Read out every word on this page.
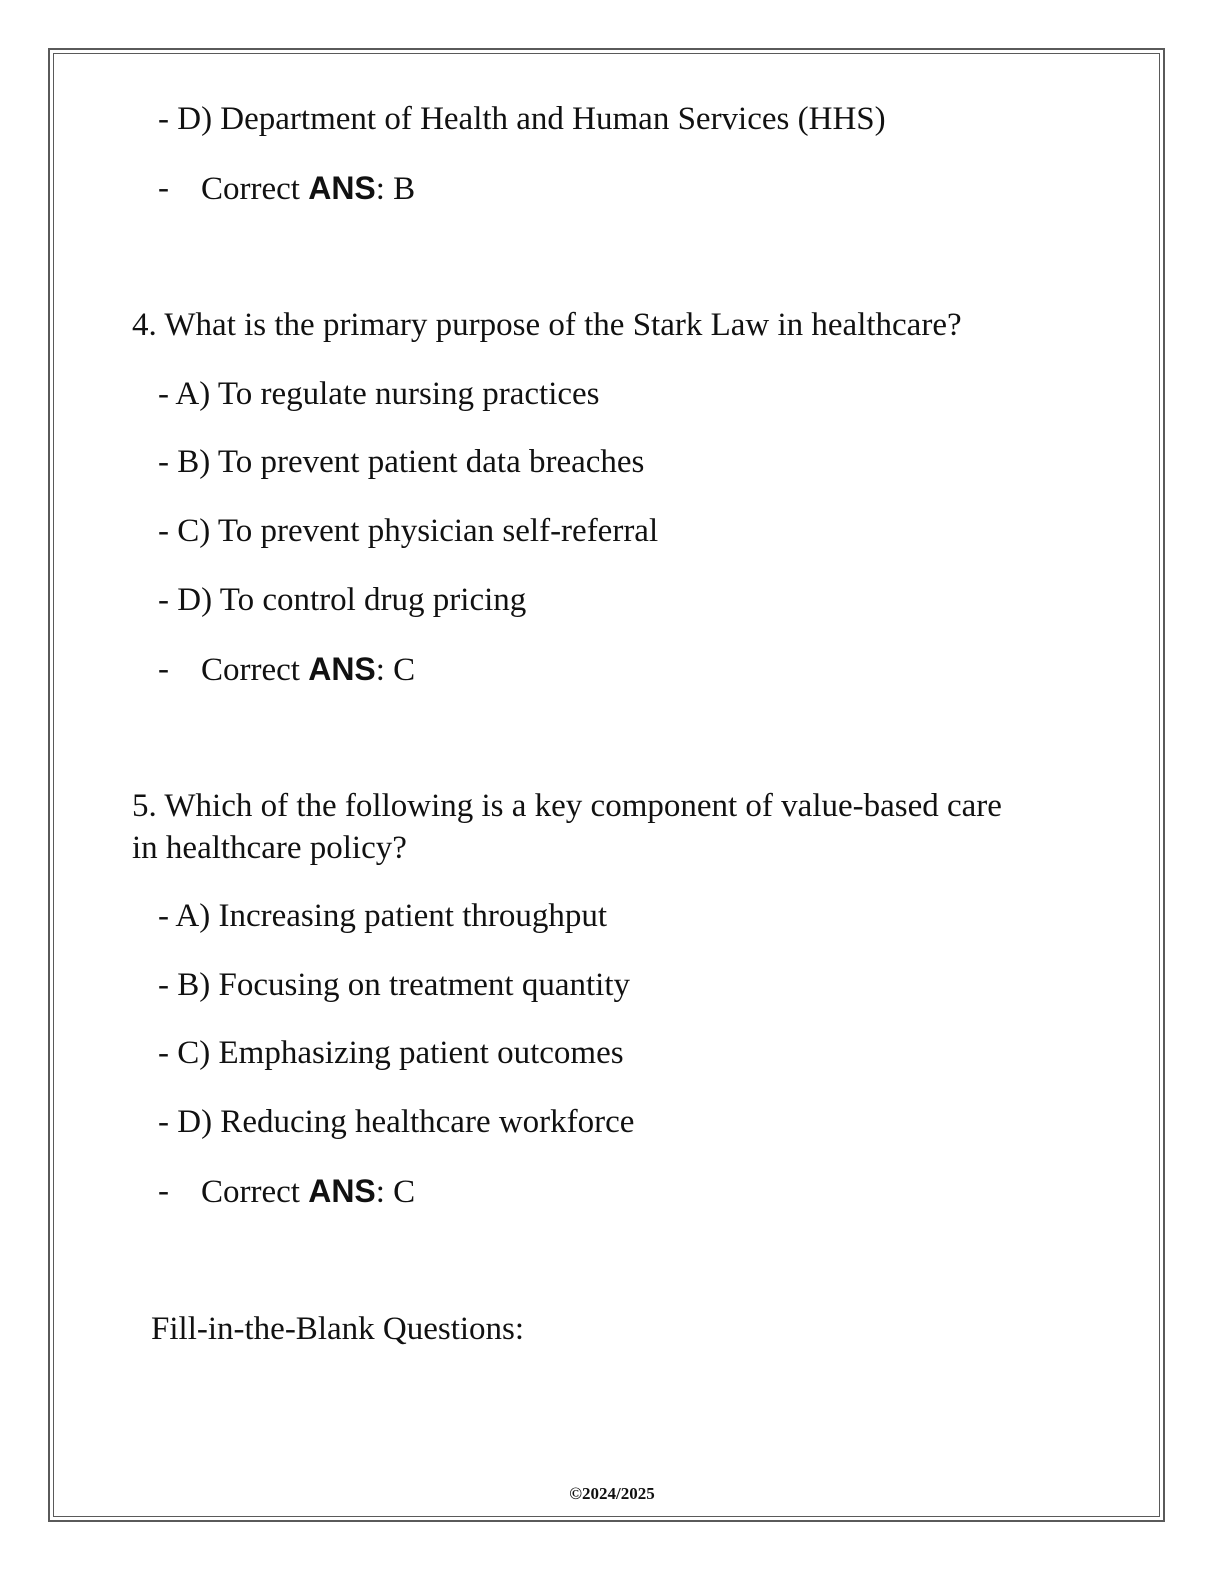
- D) Department of Health and Human Services (HHS)
- Correct ANS: B
4. What is the primary purpose of the Stark Law in healthcare?
- A) To regulate nursing practices
- B) To prevent patient data breaches
- C) To prevent physician self-referral
- D) To control drug pricing
- Correct ANS: C
5. Which of the following is a key component of value-based care
in healthcare policy?
- A) Increasing patient throughput
- B) Focusing on treatment quantity
- C) Emphasizing patient outcomes
- D) Reducing healthcare workforce
- Correct ANS: C
Fill-in-the-Blank Questions:
©2024/2025
